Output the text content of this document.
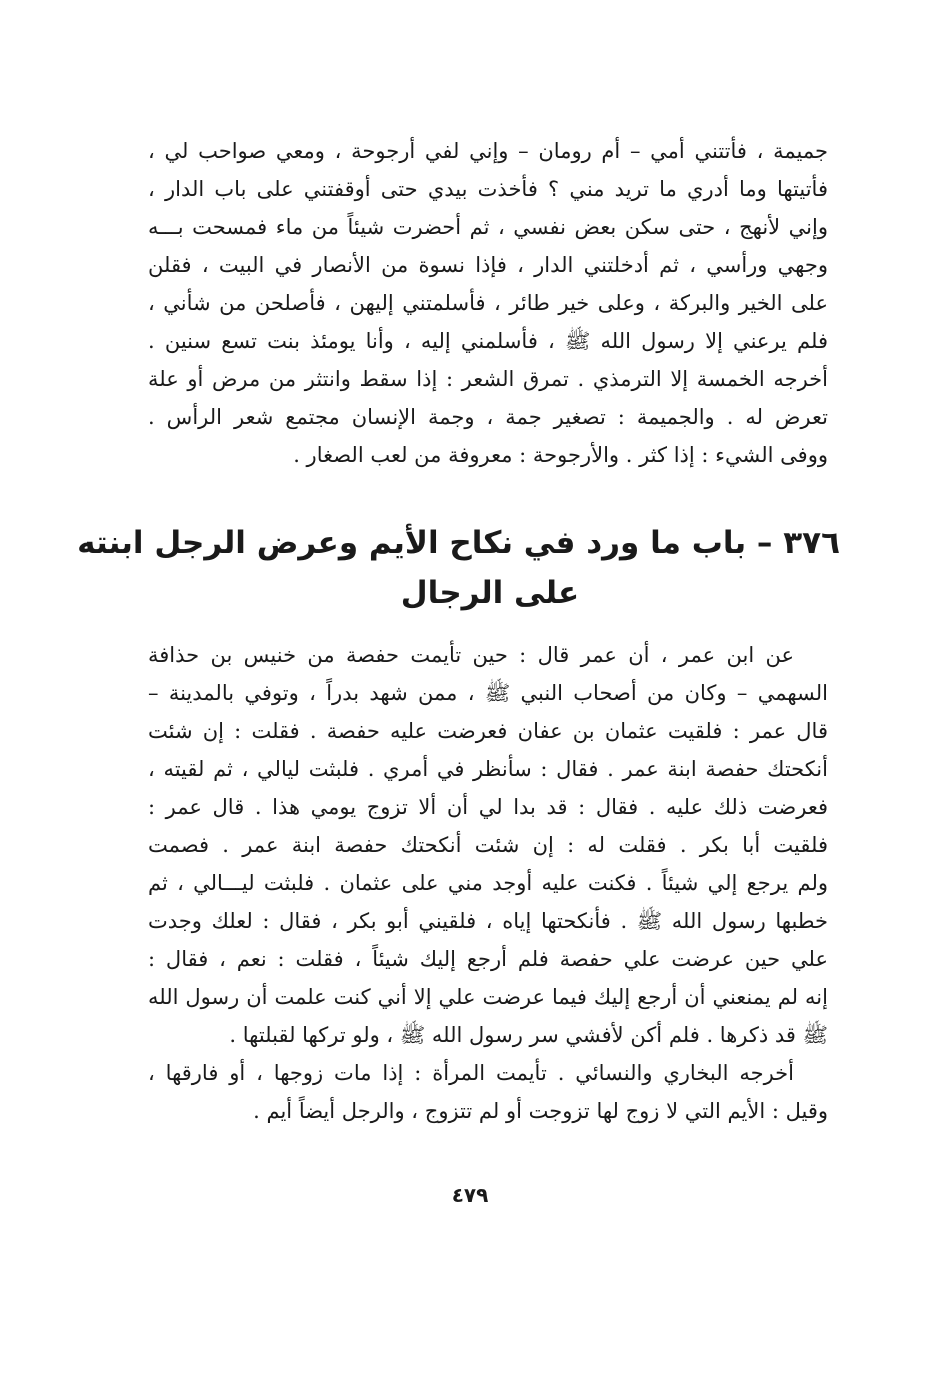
جميمة ، فأتتني أمي – أم رومان – وإني لفي أرجوحة ، ومعي صواحب لي ،
فأتيتها وما أدري ما تريد مني ؟ فأخذت بيدي حتى أوقفتني على باب الدار ،
وإني لأنهج ، حتى سكن بعض نفسي ، ثم أحضرت شيئاً من ماء فمسحت بـــه
وجهي ورأسي ، ثم أدخلتني الدار ، فإذا نسوة من الأنصار في البيت ، فقلن
على الخير والبركة ، وعلى خير طائر ، فأسلمتني إليهن ، فأصلحن من شأني ،
فلم يرعني إلا رسول الله ﷺ ، فأسلمني إليه ، وأنا يومئذ بنت تسع سنين .
أخرجه الخمسة إلا الترمذي . تمرق الشعر : إذا سقط وانتثر من مرض أو علة
تعرض له . والجميمة : تصغير جمة ، وجمة الإنسان مجتمع شعر الرأس .
ووفى الشيء : إذا كثر . والأرجوحة : معروفة من لعب الصغار .
٣٧٦ – باب ما ورد في نكاح الأيم وعرض الرجل ابنته
على الرجال
عن ابن عمر ، أن عمر قال : حين تأيمت حفصة من خنيس بن حذافة
السهمي – وكان من أصحاب النبي ﷺ ، ممن شهد بدراً ، وتوفي بالمدينة –
قال عمر : فلقيت عثمان بن عفان فعرضت عليه حفصة . فقلت : إن شئت
أنكحتك حفصة ابنة عمر . فقال : سأنظر في أمري . فلبثت ليالي ، ثم لقيته ،
فعرضت ذلك عليه . فقال : قد بدا لي أن ألا تزوج يومي هذا . قال عمر :
فلقيت أبا بكر . فقلت له : إن شئت أنكحتك حفصة ابنة عمر . فصمت
ولم يرجع إلي شيئاً . فكنت عليه أوجد مني على عثمان . فلبثت ليـــالي ، ثم
خطبها رسول الله ﷺ . فأنكحتها إياه ، فلقيني أبو بكر ، فقال : لعلك وجدت
علي حين عرضت علي حفصة فلم أرجع إليك شيئاً ، فقلت : نعم ، فقال :
إنه لم يمنعني أن أرجع إليك فيما عرضت علي إلا أني كنت علمت أن رسول الله
ﷺ قد ذكرها . فلم أكن لأفشي سر رسول الله ﷺ ، ولو تركها لقبلتها .
أخرجه البخاري والنسائي . تأيمت المرأة : إذا مات زوجها ، أو فارقها ،
وقيل : الأيم التي لا زوج لها تزوجت أو لم تتزوج ، والرجل أيضاً أيم .
٤٧٩
